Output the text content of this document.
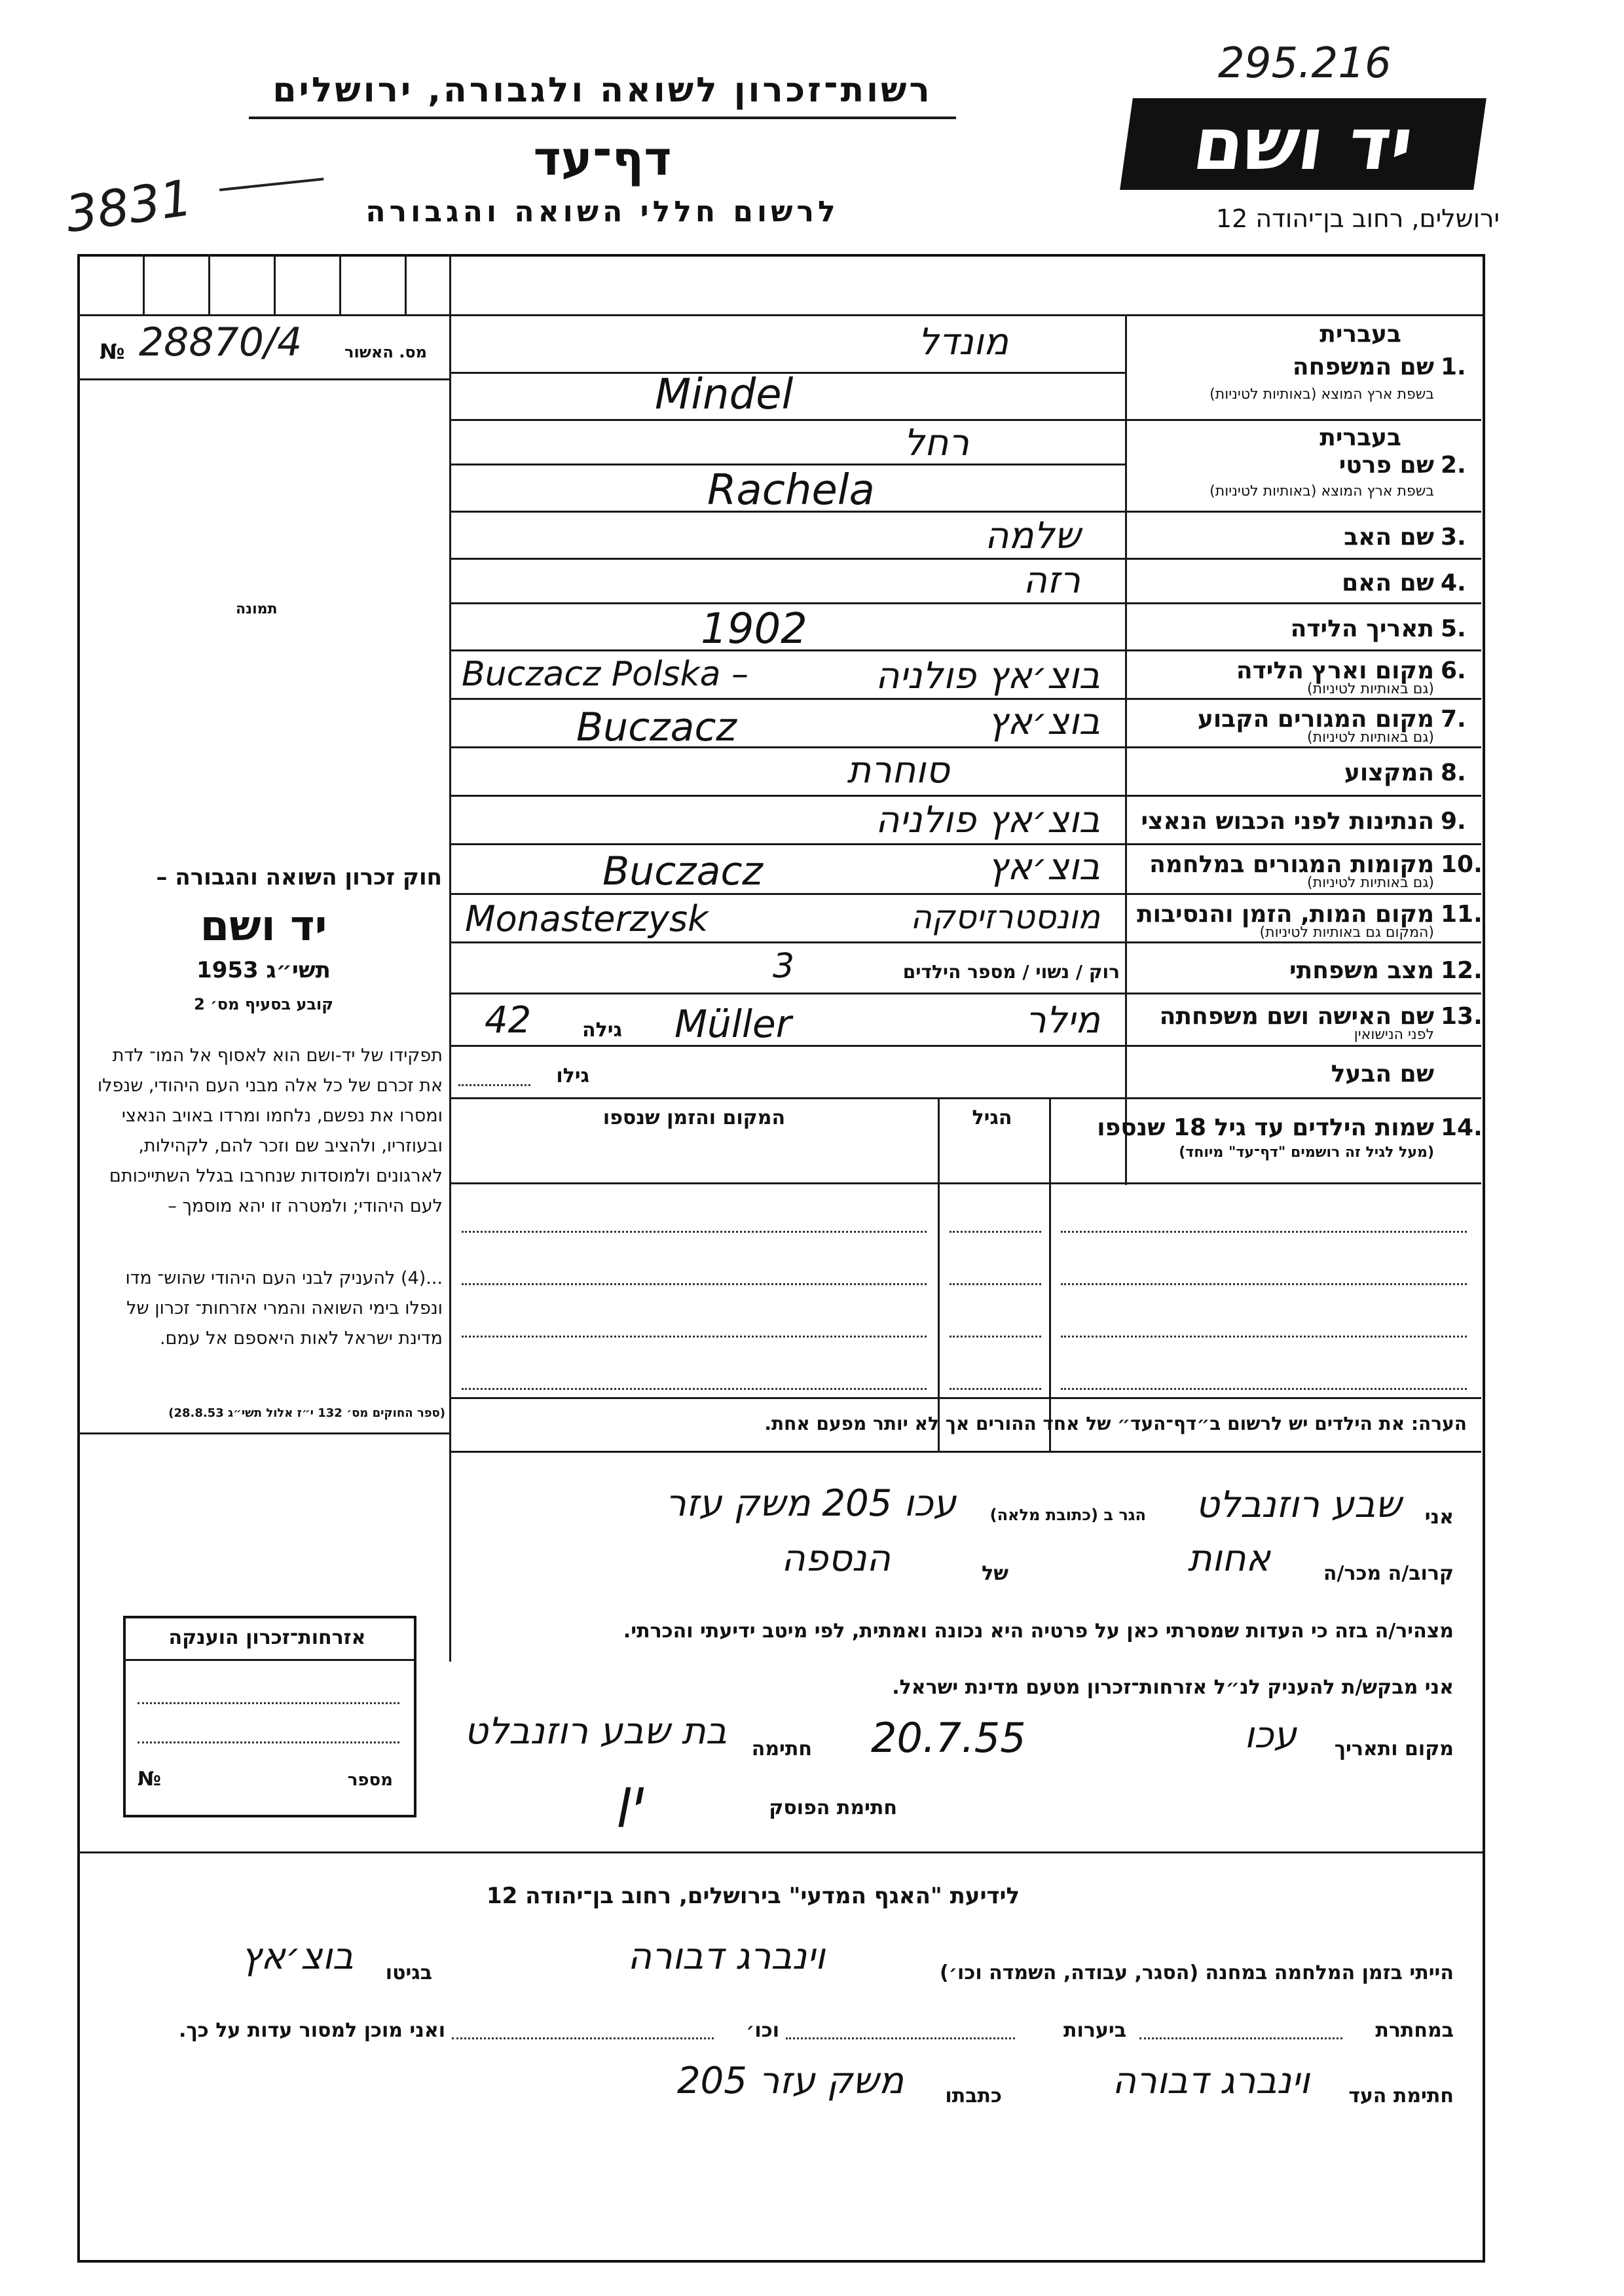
295.216
3831
רשות־זכרון לשואה ולגבורה, ירושלים
דף־עד
לרשום חללי השואה והגבורה
יד ושם
ירושלים, רחוב בן־יהודה 12
№ 28870/4	מס. האשור
תמונה
חוק זכרון השואה והגבורה –
יד ושם
תשי״ג 1953
קובע בסעיף מס׳ 2
תפקידו של יד-ושם הוא לאסוף אל המו־ לדת את זכרם של כל אלה מבני העם היהודי, שנפלו ומסרו את נפשם, נלחמו ומרדו באויב הנאצי ובעוזריו, ולהציב שם וזכר להם, לקהילות, לארגונים ולמוסדות שנחרבו בגלל השתייכותם לעם היהודי; ולמטרה זו יהא מוסמך –
...(4) להעניק לבני העם היהודי שהוש־ מדו ונפלו בימי השואה והמרי אזרחות־ זכרון של מדינת ישראל לאות היאספם אל עמם.
(ספר החוקים מס׳ 132 י״ז אלול תשי״ג 28.8.53)
בעברית
1.
שם המשפחה
בשפת ארץ המוצא (באותיות לטיניות)
מונדל
Mindel
בעברית
2.
שם פרטי
בשפת ארץ המוצא (באותיות לטיניות)
רחל
Rachela
3.
שם האב
שלמה
4.
שם האם
רזה
5.
תאריך הלידה
1902
6.
מקום וארץ הלידה
(גם באותיות לטיניות)
Buczacz Polska –	בוצ׳אץ פולניה
7.
מקום המגורים הקבוע
(גם באותיות לטיניות)
Buczacz	בוצ׳אץ
8.
המקצוע
סוחרת
9.
הנתינות לפני הכבוש הנאצי
בוצ׳אץ פולניה
10.
מקומות המגורים במלחמה
(גם באותיות לטיניות)
Buczacz	בוצ׳אץ
11.
מקום המות, הזמן והנסיבות
(המקום גם באותיות לטיניות)
Monasterzysk	מונסטרזיסקה
12.
מצב משפחתי
רוק / נשוי / מספר הילדים
3
13.
שם האישה ושם משפחתה
לפני הנישואין
מילר
Müller
גילה
42
שם הבעל
גילו
14.
שמות הילדים עד גיל 18 שנספו
(מעל לגיל זה רושמים "דף־עד" מיוחד)
הגיל
המקום והזמן שנספו
הערה: את הילדים יש לרשום ב״דף־העד״ של אחד ההורים אך לא יותר מפעם אחת.
אני
שבע רוזנבלט
הגר ב (כתובת מלאה)
עכו 205 משק עזר
קרוב/ה מכר/ה
אחות
של
הנספה
מצהיר/ה בזה כי העדות שמסרתי כאן על פרטיה היא נכונה ואמתית, לפי מיטב ידיעתי והכרתי.
אני מבקש/ת להעניק לנ״ל אזרחות־זכרון מטעם מדינת ישראל.
מקום ותאריך
עכו
20.7.55
חתימה
בת שבע רוזנבלט
חתימת הפוסק
ין
אזרחות־זכרון הוענקה
מספר
№
לידיעת "האגף המדעי" בירושלים, רחוב בן־יהודה 12
הייתי בזמן המלחמה במחנה (הסגר, עבודה, השמדה וכו׳)
וינברג דבורה
בגיטו
בוצ׳אץ
במחתרת
ביערות
וכו׳
ואני מוכן למסור עדות על כך.
חתימת העד
וינברג דבורה
כתבתו
משק עזר 205
